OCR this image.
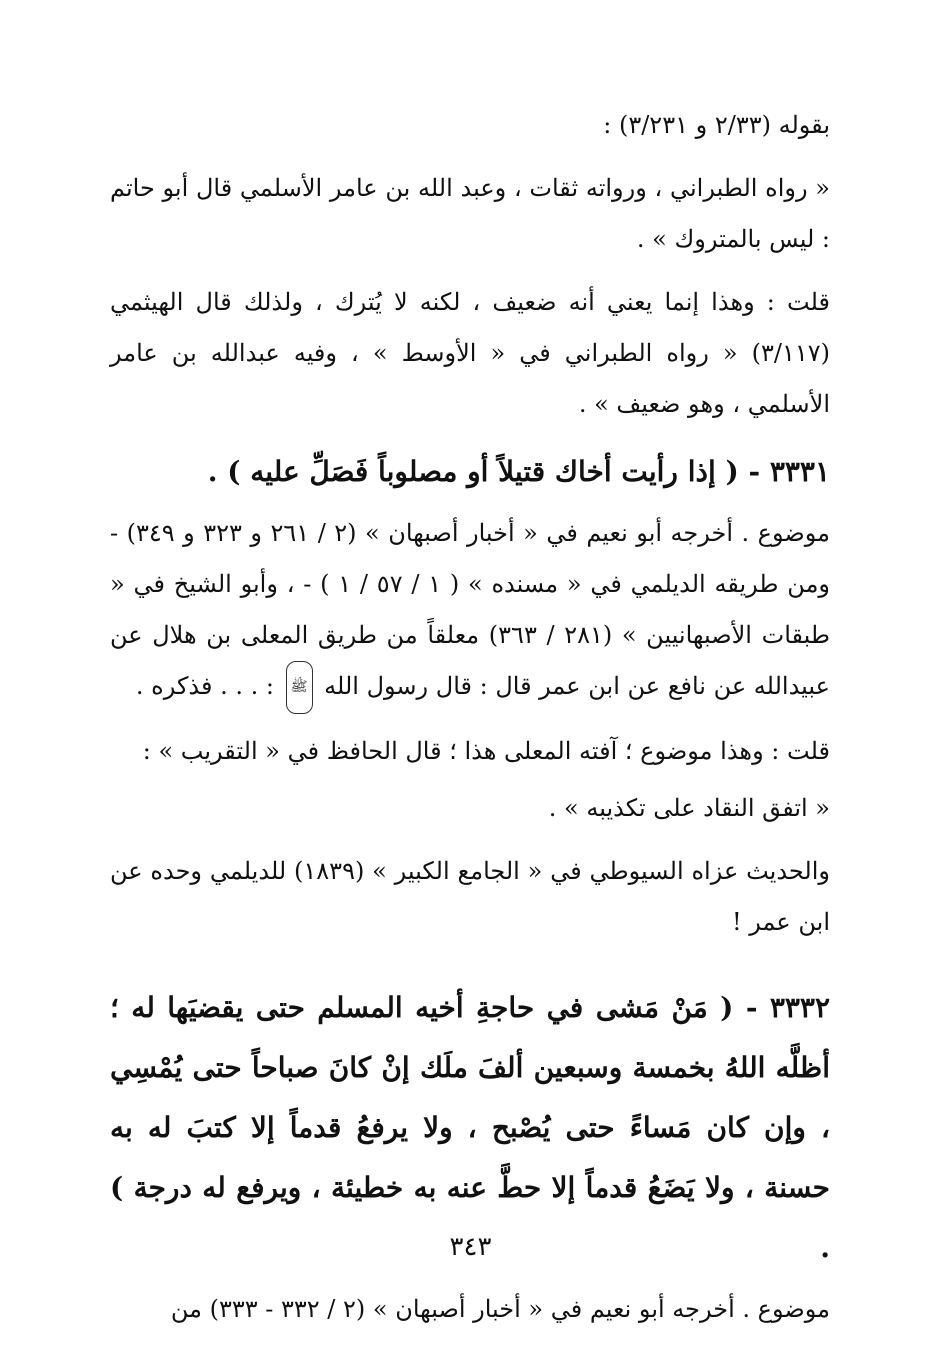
بقوله (٢/٣٣ و ٣/٢٣١) :

« رواه الطبراني ، ورواته ثقات ، وعبد الله بن عامر الأسلمي قال أبو حاتم : ليس بالمتروك » .

قلت : وهذا إنما يعني أنه ضعيف ، لكنه لا يُترك ، ولذلك قال الهيثمي (٣/١١٧) « رواه الطبراني في « الأوسط » ، وفيه عبدالله بن عامر الأسلمي ، وهو ضعيف » .

٣٣٣١ - ( إذا رأيت أخاك قتيلاً أو مصلوباً فَصَلِّ عليه ) .

موضوع . أخرجه أبو نعيم في « أخبار أصبهان » (٢ / ٢٦١ و ٣٢٣ و ٣٤٩) - ومن طريقه الديلمي في « مسنده » ( ١ / ٥٧ / ١ ) - ، وأبو الشيخ في « طبقات الأصبهانيين » (٢٨١ / ٣٦٣) معلقاً من طريق المعلى بن هلال عن عبيدالله عن نافع عن ابن عمر قال : قال رسول الله ﷺ : . . . فذكره .

قلت : وهذا موضوع ؛ آفته المعلى هذا ؛ قال الحافظ في « التقريب » :

« اتفق النقاد على تكذيبه » .

والحديث عزاه السيوطي في « الجامع الكبير » (١٨٣٩) للديلمي وحده عن ابن عمر !

٣٣٣٢ - ( مَنْ مَشى في حاجةِ أخيه المسلم حتى يقضيَها له ؛ أظلَّه اللهُ بخمسة وسبعين ألفَ ملَك إنْ كانَ صباحاً حتى يُمْسِي ، وإن كان مَساءً حتى يُصْبح ، ولا يرفعُ قدماً إلا كتبَ له به حسنة ، ولا يَضَعُ قدماً إلا حطَّ عنه به خطيئة ، ويرفع له درجة ) .

موضوع . أخرجه أبو نعيم في « أخبار أصبهان » (٢ / ٣٣٢ - ٣٣٣) من

٣٤٣
